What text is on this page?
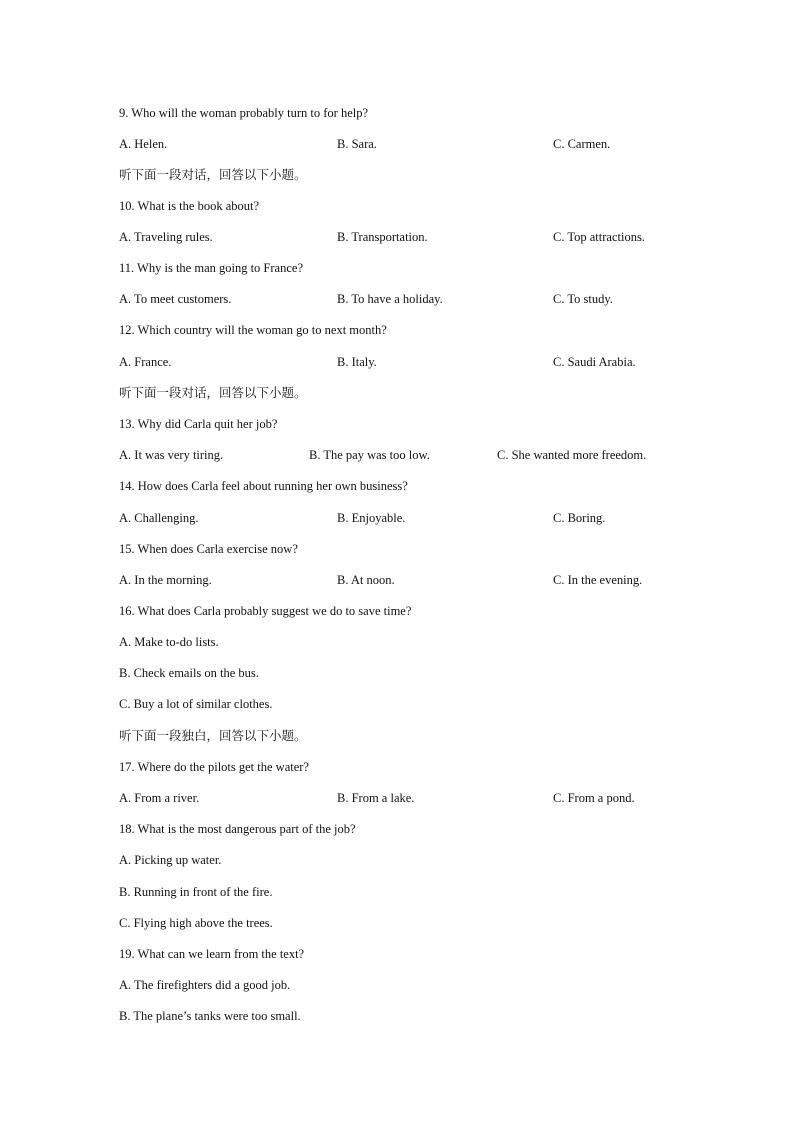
9. Who will the woman probably turn to for help?
A. Helen.	B. Sara.	C. Carmen.
听下面一段对话，回答以下小题。
10. What is the book about?
A. Traveling rules.	B. Transportation.	C. Top attractions.
11. Why is the man going to France?
A. To meet customers.	B. To have a holiday.	C. To study.
12. Which country will the woman go to next month?
A. France.	B. Italy.	C. Saudi Arabia.
听下面一段对话，回答以下小题。
13. Why did Carla quit her job?
A. It was very tiring.	B. The pay was too low.	C. She wanted more freedom.
14. How does Carla feel about running her own business?
A. Challenging.	B. Enjoyable.	C. Boring.
15. When does Carla exercise now?
A. In the morning.	B. At noon.	C. In the evening.
16. What does Carla probably suggest we do to save time?
A. Make to-do lists.
B. Check emails on the bus.
C. Buy a lot of similar clothes.
听下面一段独白，回答以下小题。
17. Where do the pilots get the water?
A. From a river.	B. From a lake.	C. From a pond.
18. What is the most dangerous part of the job?
A. Picking up water.
B. Running in front of the fire.
C. Flying high above the trees.
19. What can we learn from the text?
A. The firefighters did a good job.
B. The plane’s tanks were too small.
